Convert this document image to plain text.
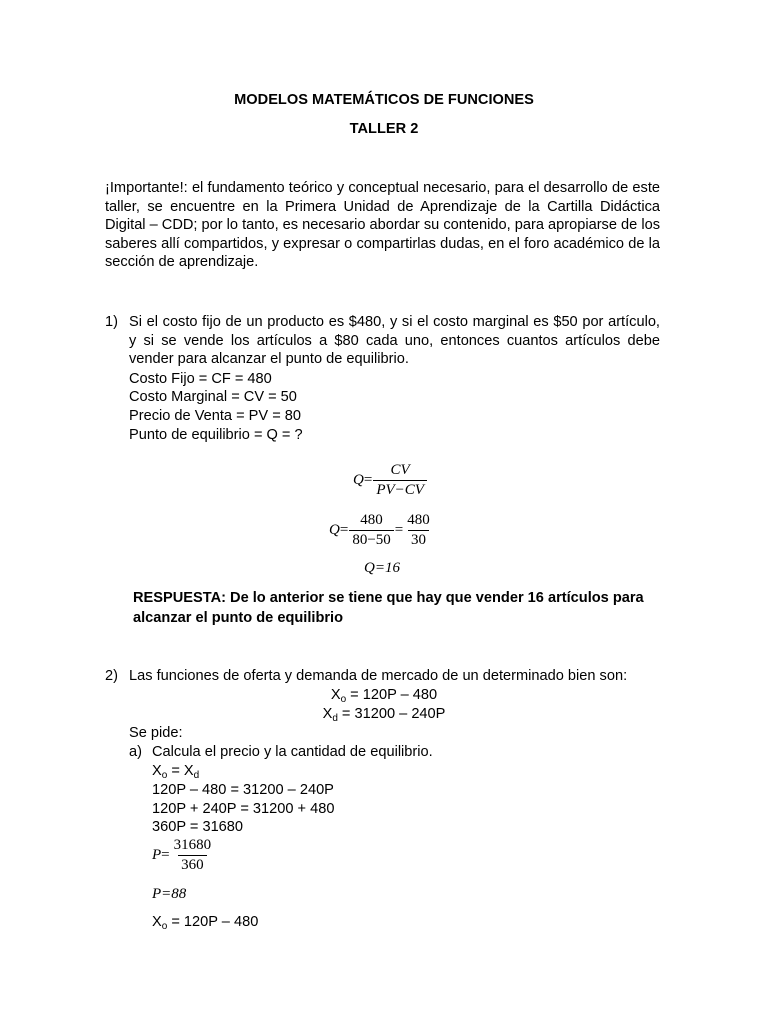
MODELOS MATEMÁTICOS DE FUNCIONES
TALLER 2
¡Importante!: el fundamento teórico y conceptual necesario, para el desarrollo de este taller, se encuentre en la Primera Unidad de Aprendizaje de la Cartilla Didáctica Digital – CDD; por lo tanto, es necesario abordar su contenido, para apropiarse de los saberes allí compartidos, y expresar o compartirlas dudas, en el foro académico de la sección de aprendizaje.
1) Si el costo fijo de un producto es $480, y si el costo marginal es $50 por artículo, y si se vende los artículos a $80 cada uno, entonces cuantos artículos debe vender para alcanzar el punto de equilibrio.
Costo Fijo = CF = 480
Costo Marginal = CV = 50
Precio de Venta = PV = 80
Punto de equilibrio = Q = ?
$Q = \frac{CV}{PV-CV}$
$Q = \frac{480}{80-50} = \frac{480}{30}$
Q=16
RESPUESTA: De lo anterior se tiene que hay que vender 16 artículos para alcanzar el punto de equilibrio
2) Las funciones de oferta y demanda de mercado de un determinado bien son:
$X_o = 120P - 480$
$X_d = 31200 - 240P$
Se pide:
a) Calcula el precio y la cantidad de equilibrio.
$X_o = X_d$
120P – 480 = 31200 – 240P
120P + 240P = 31200 + 480
360P = 31680
$P = \frac{31680}{360}$
P=88
$X_o = 120P - 480$
